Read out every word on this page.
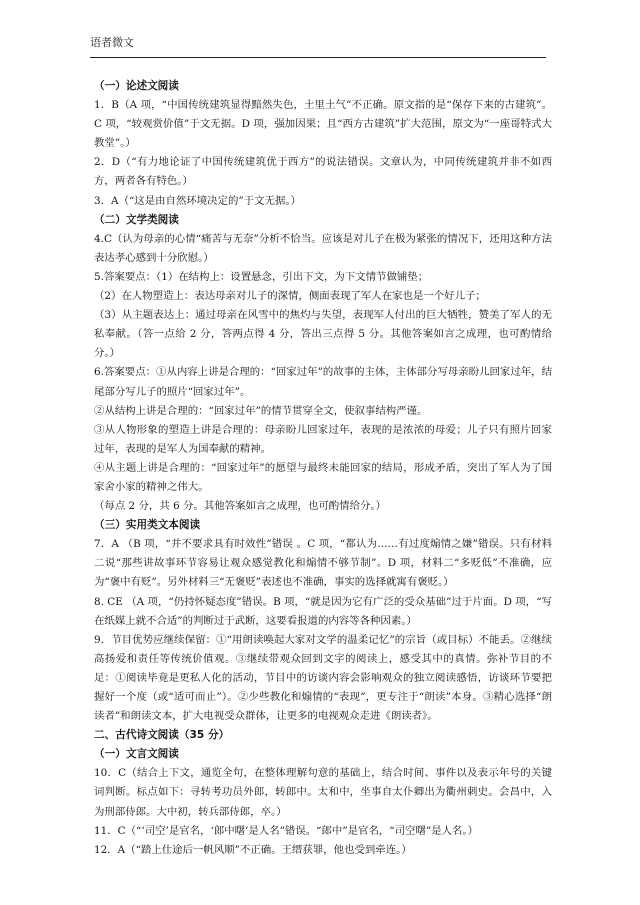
语者微文

（一）论述文阅读

1．B（A 项，“中国传统建筑显得黯然失色，土里土气”不正确。原文指的是“保存下来的古建筑”。C 项，“较观赏价值”于文无据。D 项，强加因果；且“西方古建筑”扩大范围，原文为“一座哥特式大教堂”。）

2．D（“有力地论证了中国传统建筑优于西方”的说法错误。文章认为，中同传统建筑并非不如西方，两者各有特色。）

3．A（“这是由自然环境决定的”于文无据。）

（二）文学类阅读

4.C（认为母亲的心情“痛苦与无奈”分析不恰当。应该是对儿子在极为紧张的情况下，还用这种方法表达孝心感到十分欣慰。）

5.答案要点：（1）在结构上：设置悬念，引出下文，为下文情节做铺垫；

（2）在人物塑造上：表达母亲对儿子的深情，侧面表现了军人在家也是一个好儿子；

（3）从主题表达上：通过母亲在风雪中的焦灼与失望，表现军人付出的巨大牺牲，赞美了军人的无私奉献。（答一点给 2 分，答两点得 4 分，答出三点得 5 分。其他答案如言之成理，也可酌情给分。）

6.答案要点：①从内容上讲是合理的：“回家过年”的故事的主体，主体部分写母亲盼儿回家过年，结尾部分写儿子的照片“回家过年”。

②从结构上讲是合理的：“回家过年”的情节贯穿全文，使叙事结构严谨。

③从人物形象的塑造上讲是合理的：母亲盼儿回家过年，表现的是浓浓的母爱；儿子只有照片回家过年，表现的是军人为国奉献的精神。

④从主题上讲是合理的：“回家过年”的愿望与最终未能回家的结局，形成矛盾，突出了军人为了国家舍小家的精神之伟大。

（每点 2 分，共 6 分。其他答案如言之成理，也可酌情给分。）

（三）实用类文本阅读

7．A （B 项，“并不要求具有时效性”错误 。C 项，“都认为……有过度煽情之嫌”错误。只有材料二说“那些讲故事环节容易让观众感觉教化和煽情不够节制”。D 项，材料二“多贬低”不准确，应为“褒中有贬”。另外材料三“无褒贬”表述也不准确，事实的选择就寓有褒贬。）

8. CE （A 项，“仍持怀疑态度”错误。B 项，“就是因为它有广泛的受众基础”过于片面。D 项，“写在纸媒上就不合适”的判断过于武断，这要看报道的内容等各种因素。）

9．节目优势应继续保留：①“用朗读唤起大家对文学的温柔记忆”的宗旨（或目标）不能丢。②继续高扬爱和责任等传统价值观。③继续带观众回到文字的阅读上，感受其中的真情。弥补节目的不足：①阅读毕竟是更私人化的活动，节目中的访谈内容会影响观众的独立阅读感悟，访谈环节要把握好一个度（或“适可而止”）。②少些教化和煽情的“表现”，更专注于“朗读”本身。③精心选择“朗读者”和朗读文本，扩大电视受众群体，让更多的电视观众走进《朗读者》。

二、古代诗文阅读（35 分）

（一）文言文阅读

10．C（结合上下文，通览全句，在整体理解句意的基础上，结合时间、事件以及表示年号的关键词判断。标点如下：寻转考功员外郎，转郎中。太和中，坐事自太仆卿出为衢州刺史。会昌中，入为刑部侍郎。大中初，转兵部侍郎，卒。）

11．C（“‘司空’是官名，‘郎中曙’是人名”错误。“郎中”是官名，“司空曙”是人名。）

12．A（“踏上仕途后一帆风顺”不正确。王缙获罪，他也受到牵连。）
